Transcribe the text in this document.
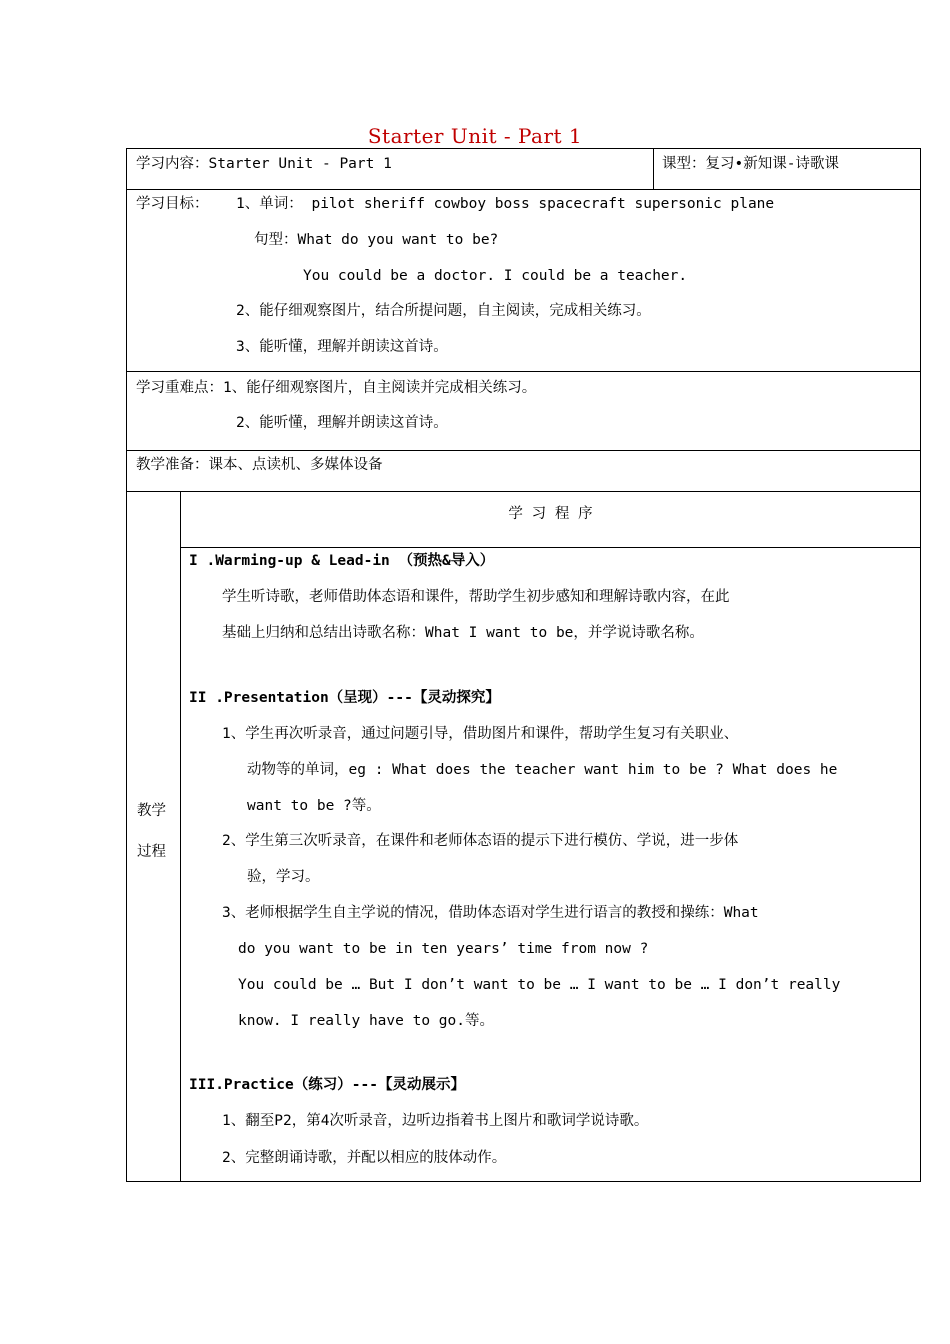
Starter Unit - Part 1
学习内容：Starter Unit - Part 1	课型：复习•新知课-诗歌课
学习目标： 1、单词： pilot sheriff cowboy boss spacecraft supersonic plane
句型：What do you want to be?
You could be a doctor. I could be a teacher.
2、能仔细观察图片，结合所提问题，自主阅读，完成相关练习。
3、能听懂，理解并朗读这首诗。
学习重难点：1、能仔细观察图片，自主阅读并完成相关练习。
2、能听懂，理解并朗读这首诗。
教学准备：课本、点读机、多媒体设备
教学
过程
学 习 程 序
I .Warming-up & Lead-in （预热&导入）
学生听诗歌，老师借助体态语和课件，帮助学生初步感知和理解诗歌内容，在此
基础上归纳和总结出诗歌名称：What I want to be，并学说诗歌名称。
II .Presentation（呈现）---【灵动探究】
1、学生再次听录音，通过问题引导，借助图片和课件，帮助学生复习有关职业、
动物等的单词，eg : What does the teacher want him to be ? What does he
want to be ?等。
2、学生第三次听录音，在课件和老师体态语的提示下进行模仿、学说，进一步体
验，学习。
3、老师根据学生自主学说的情况，借助体态语对学生进行语言的教授和操练：What
do you want to be in ten years’ time from now ?
You could be … But I don’t want to be … I want to be … I don’t really
know. I really have to go.等。
III.Practice（练习）---【灵动展示】
1、翻至P2，第4次听录音，边听边指着书上图片和歌词学说诗歌。
2、完整朗诵诗歌，并配以相应的肢体动作。
